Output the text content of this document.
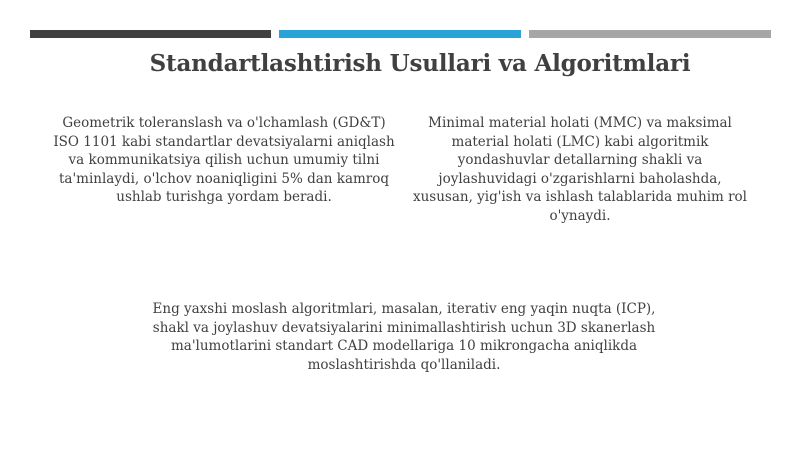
Standartlashtirish Usullari va Algoritmlari
Geometrik toleranslash va o'lchamlash (GD&T) ISO 1101 kabi standartlar devatsiyalarni aniqlash va kommunikatsiya qilish uchun umumiy tilni ta'minlaydi, o'lchov noaniqligini 5% dan kamroq ushlab turishga yordam beradi.
Minimal material holati (MMC) va maksimal material holati (LMC) kabi algoritmik yondashuvlar detallarning shakli va joylashuvidagi o'zgarishlarni baholashda, xususan, yig'ish va ishlash talablarida muhim rol o'ynaydi.
Eng yaxshi moslash algoritmlari, masalan, iterativ eng yaqin nuqta (ICP), shakl va joylashuv devatsiyalarini minimallashtirish uchun 3D skanerlash ma'lumotlarini standart CAD modellariga 10 mikrongacha aniqlikda moslashtirishda qo'llaniladi.
